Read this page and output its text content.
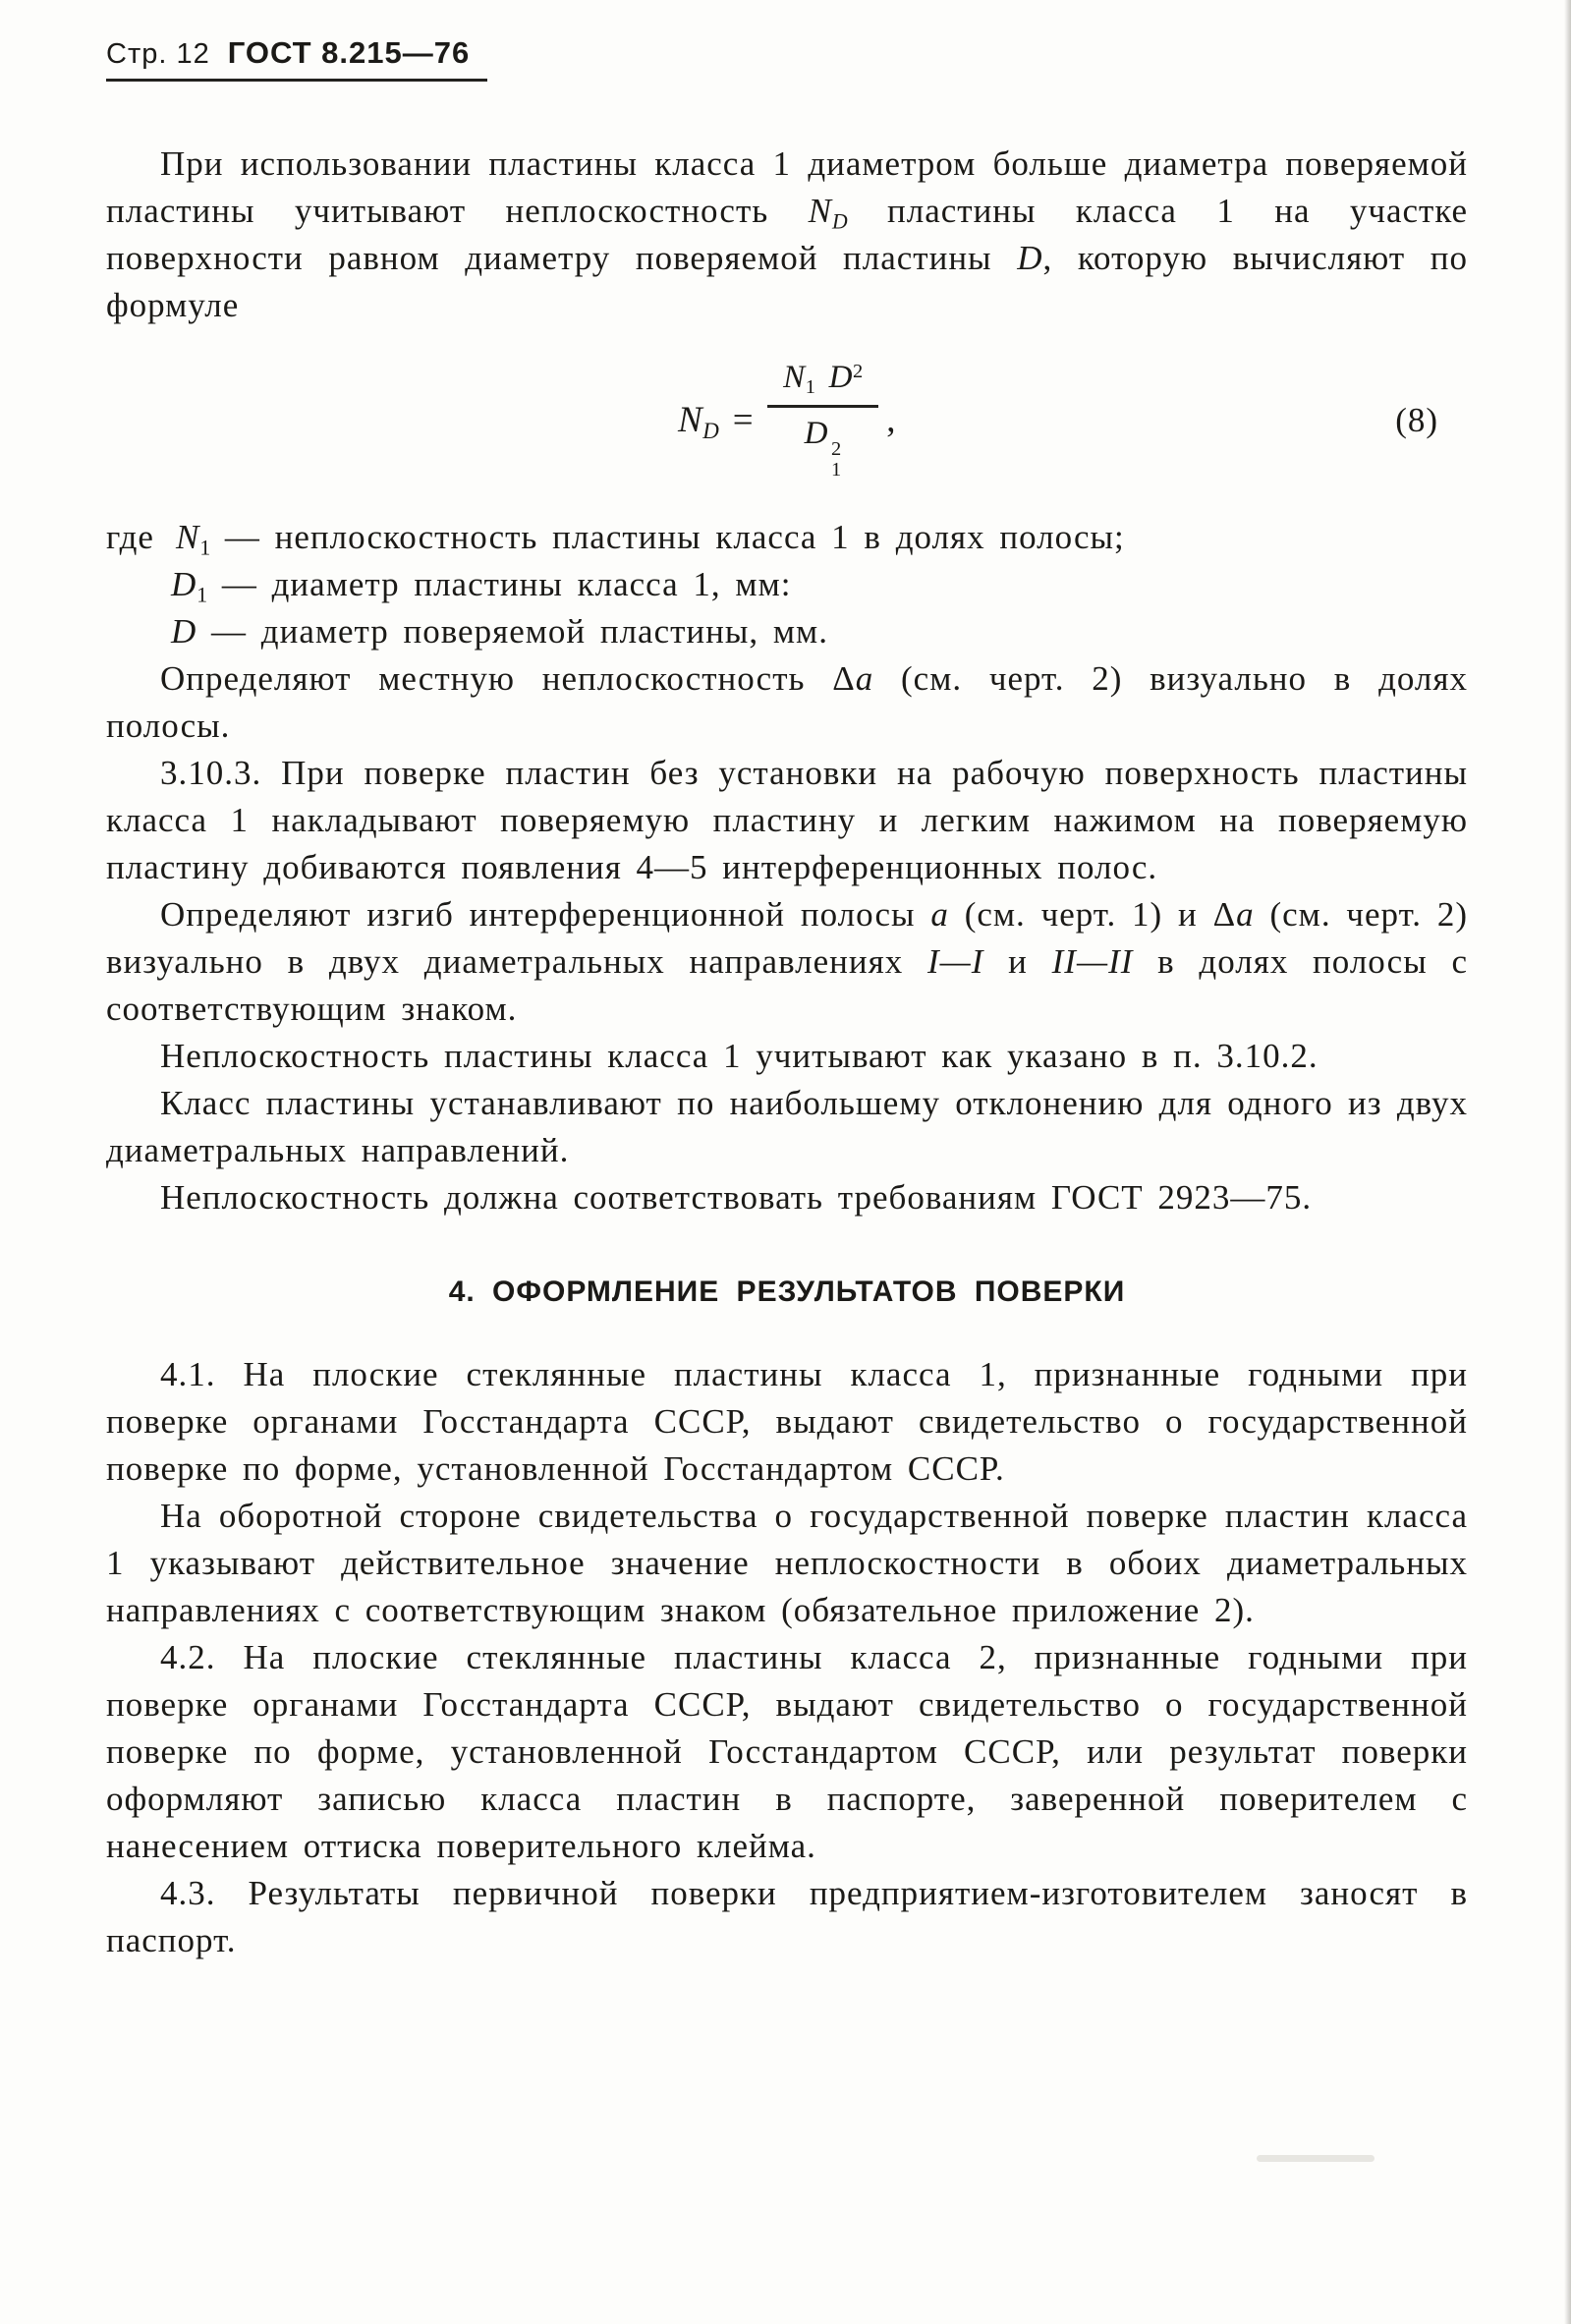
Стр. 12 ГОСТ 8.215—76

При использовании пластины класса 1 диаметром больше диаметра поверяемой пластины учитывают неплоскостность $N_D$ пластины класса 1 на участке поверхности равном диаметру поверяемой пластины D, которую вычисляют по формуле

$N_D = N_1$ $D^2$
D 2
1 ,	(8)
где $N_1$ — неплоскостность пластины класса 1 в долях полосы;
$D_1$ — диаметр пластины класса 1, мм:
D — диаметр поверяемой пластины, мм.

Определяют местную неплоскостность Δa (см. черт. 2) визуально в долях полосы.

3.10.3. При поверке пластин без установки на рабочую поверхность пластины класса 1 накладывают поверяемую пластину и легким нажимом на поверяемую пластину добиваются появления 4—5 интерференционных полос.

Определяют изгиб интерференционной полосы a (см. черт. 1) и Δa (см. черт. 2) визуально в двух диаметральных направлениях I—I и II—II в долях полосы с соответствующим знаком.

Неплоскостность пластины класса 1 учитывают как указано в п. 3.10.2.

Класс пластины устанавливают по наибольшему отклонению для одного из двух диаметральных направлений.

Неплоскостность должна соответствовать требованиям ГОСТ 2923—75.

4. ОФОРМЛЕНИЕ РЕЗУЛЬТАТОВ ПОВЕРКИ

4.1. На плоские стеклянные пластины класса 1, признанные годными при поверке органами Госстандарта СССР, выдают свидетельство о государственной поверке по форме, установленной Госстандартом СССР.

На оборотной стороне свидетельства о государственной поверке пластин класса 1 указывают действительное значение неплоскостности в обоих диаметральных направлениях с соответствующим знаком (обязательное приложение 2).

4.2. На плоские стеклянные пластины класса 2, признанные годными при поверке органами Госстандарта СССР, выдают свидетельство о государственной поверке по форме, установленной Госстандартом СССР, или результат поверки оформляют записью класса пластин в паспорте, заверенной поверителем с нанесением оттиска поверительного клейма.

4.3. Результаты первичной поверки предприятием-изготовителем заносят в паспорт.
